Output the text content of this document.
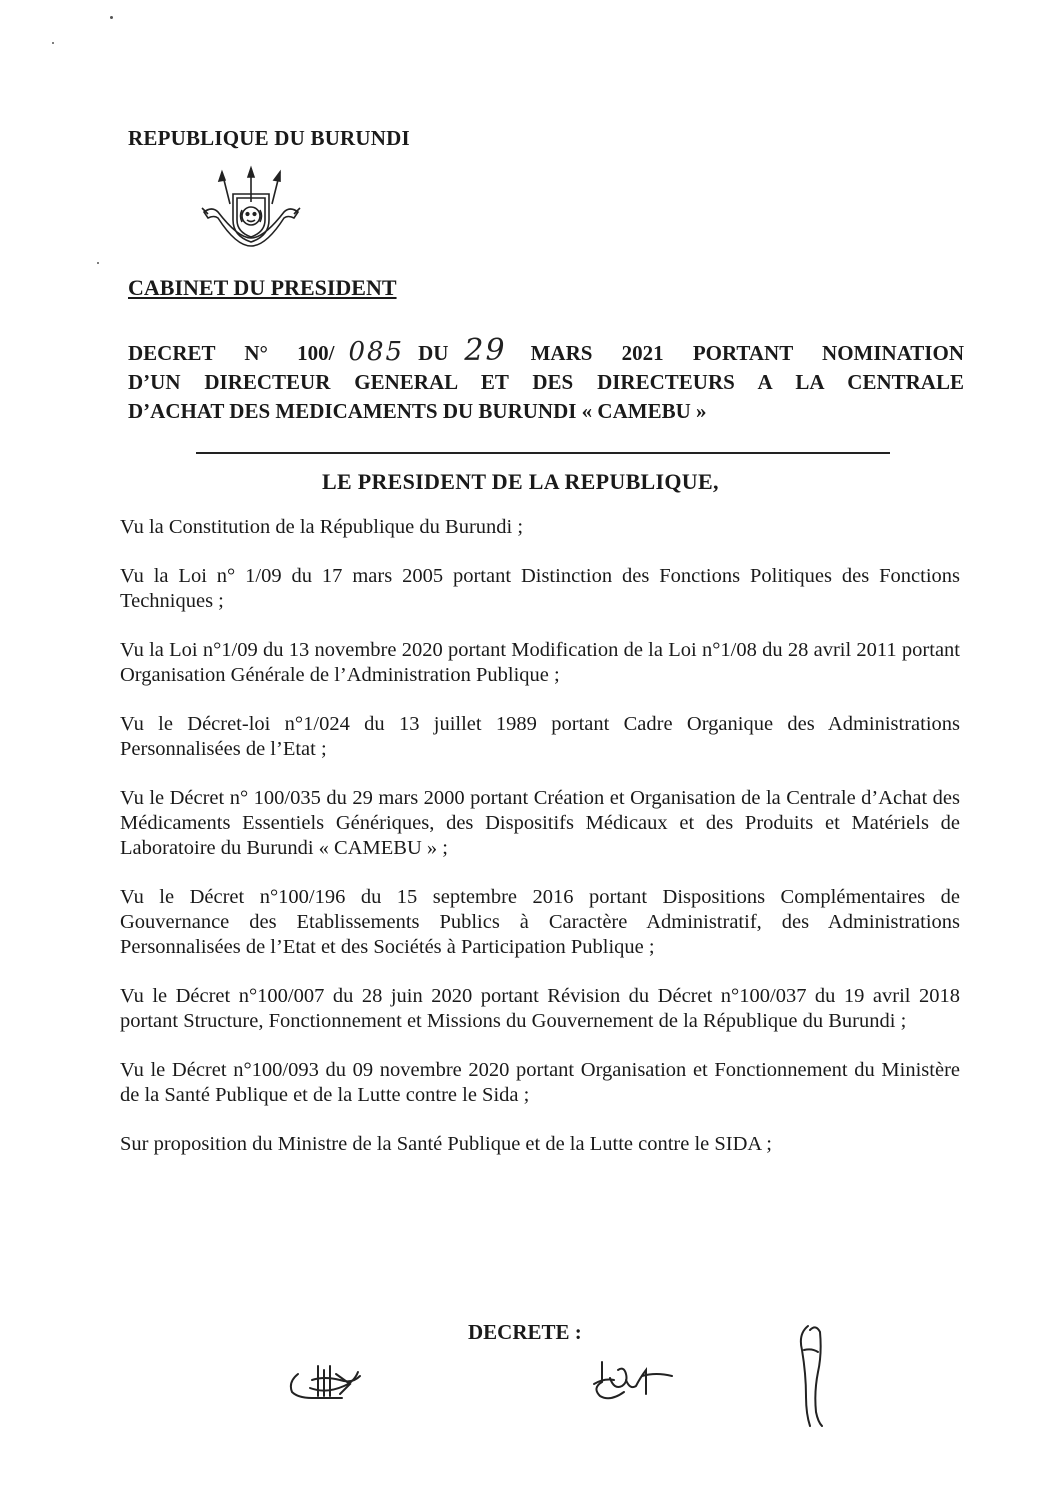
REPUBLIQUE DU BURUNDI
CABINET DU PRESIDENT
DECRET N° 100/ 085 DU 29 MARS 2021 PORTANT NOMINATION
D’UN DIRECTEUR GENERAL ET DES DIRECTEURS A LA CENTRALE
D’ACHAT DES MEDICAMENTS DU BURUNDI « CAMEBU »
LE PRESIDENT DE LA REPUBLIQUE,

Vu la Constitution de la République du Burundi ;

Vu la Loi n° 1/09 du 17 mars 2005 portant Distinction des Fonctions Politiques des Fonctions Techniques ;

Vu la Loi n°1/09 du 13 novembre 2020 portant Modification de la Loi n°1/08 du 28 avril 2011 portant Organisation Générale de l’Administration Publique ;

Vu le Décret-loi n°1/024 du 13 juillet 1989 portant Cadre Organique des Administrations Personnalisées de l’Etat ;

Vu le Décret n° 100/035 du 29 mars 2000 portant Création et Organisation de la Centrale d’Achat des Médicaments Essentiels Génériques, des Dispositifs Médicaux et des Produits et Matériels de Laboratoire du Burundi « CAMEBU » ;

Vu le Décret n°100/196 du 15 septembre 2016 portant Dispositions Complémentaires de Gouvernance des Etablissements Publics à Caractère Administratif, des Administrations Personnalisées de l’Etat et des Sociétés à Participation Publique ;

Vu le Décret n°100/007 du 28 juin 2020 portant Révision du Décret n°100/037 du 19 avril 2018 portant Structure, Fonctionnement et Missions du Gouvernement de la République du Burundi ;

Vu le Décret n°100/093 du 09 novembre 2020 portant Organisation et Fonctionnement du Ministère de la Santé Publique et de la Lutte contre le Sida ;

Sur proposition du Ministre de la Santé Publique et de la Lutte contre le SIDA ;

DECRETE :
